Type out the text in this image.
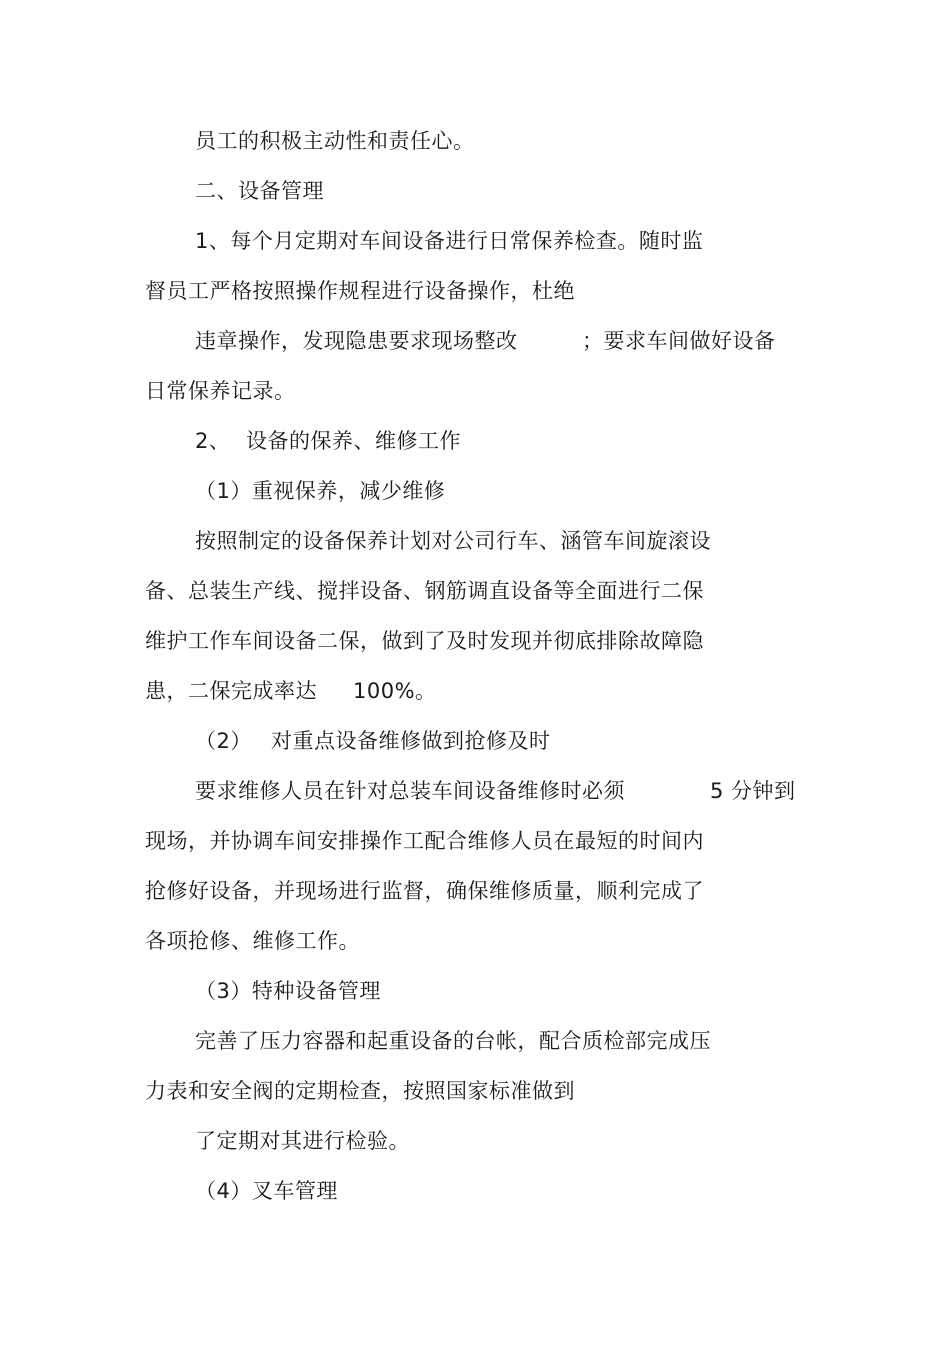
员工的积极主动性和责任心。
二、设备管理
1、每个月定期对车间设备进行日常保养检查。随时监
督员工严格按照操作规程进行设备操作，杜绝
违章操作，发现隐患要求现场整改	；要求车间做好设备
日常保养记录。
2、 设备的保养、维修工作
（1）重视保养，减少维修
按照制定的设备保养计划对公司行车、涵管车间旋滚设
备、总装生产线、搅拌设备、钢筋调直设备等全面进行二保
维护工作车间设备二保，做到了及时发现并彻底排除故障隐
患，二保完成率达 100%。
（2） 对重点设备维修做到抢修及时
要求维修人员在针对总装车间设备维修时必须	5 分钟到
现场，并协调车间安排操作工配合维修人员在最短的时间内
抢修好设备，并现场进行监督，确保维修质量，顺利完成了
各项抢修、维修工作。
（3）特种设备管理
完善了压力容器和起重设备的台帐，配合质检部完成压
力表和安全阀的定期检查，按照国家标准做到
了定期对其进行检验。
（4）叉车管理
